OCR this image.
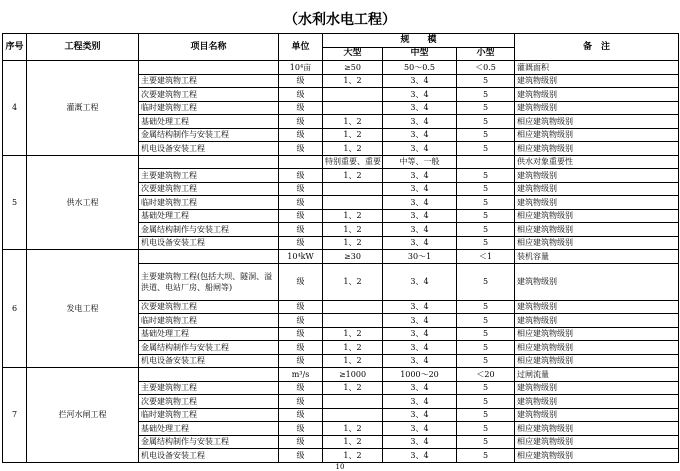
（水利水电工程）
序号	工程类别	项目名称	单位	规　　模			备　注
				大型	中型	小型	
4	灌溉工程		10⁴亩	≥50	50～0.5	＜0.5	灌溉面积
		主要建筑物工程	级	1、2	3、4	5	建筑物级别
		次要建筑物工程	级		3、4	5	建筑物级别
		临时建筑物工程	级		3、4	5	建筑物级别
		基础处理工程	级	1、2	3、4	5	相应建筑物级别
		金属结构制作与安装工程	级	1、2	3、4	5	相应建筑物级别
		机电设备安装工程	级	1、2	3、4	5	相应建筑物级别
5	供水工程			特别重要、重要	中等、一般		供水对象重要性
		主要建筑物工程	级	1、2	3、4	5	建筑物级别
		次要建筑物工程	级		3、4	5	建筑物级别
		临时建筑物工程	级		3、4	5	建筑物级别
		基础处理工程	级	1、2	3、4	5	相应建筑物级别
		金属结构制作与安装工程	级	1、2	3、4	5	相应建筑物级别
		机电设备安装工程	级	1、2	3、4	5	相应建筑物级别
6	发电工程		10⁴kW	≥30	30～1	＜1	装机容量
		主要建筑物工程(包括大坝、隧洞、溢洪道、电站厂房、船闸等)	级	1、2	3、4	5	建筑物级别
		次要建筑物工程	级		3、4	5	建筑物级别
		临时建筑物工程	级		3、4	5	建筑物级别
		基础处理工程	级	1、2	3、4	5	相应建筑物级别
		金属结构制作与安装工程	级	1、2	3、4	5	相应建筑物级别
		机电设备安装工程	级	1、2	3、4	5	相应建筑物级别
7	拦河水闸工程		m³/s	≥1000	1000～20	＜20	过闸流量
		主要建筑物工程	级	1、2	3、4	5	建筑物级别
		次要建筑物工程	级		3、4	5	建筑物级别
		临时建筑物工程	级		3、4	5	建筑物级别
		基础处理工程	级	1、2	3、4	5	相应建筑物级别
		金属结构制作与安装工程	级	1、2	3、4	5	相应建筑物级别
		机电设备安装工程	级	1、2	3、4	5	相应建筑物级别
10
